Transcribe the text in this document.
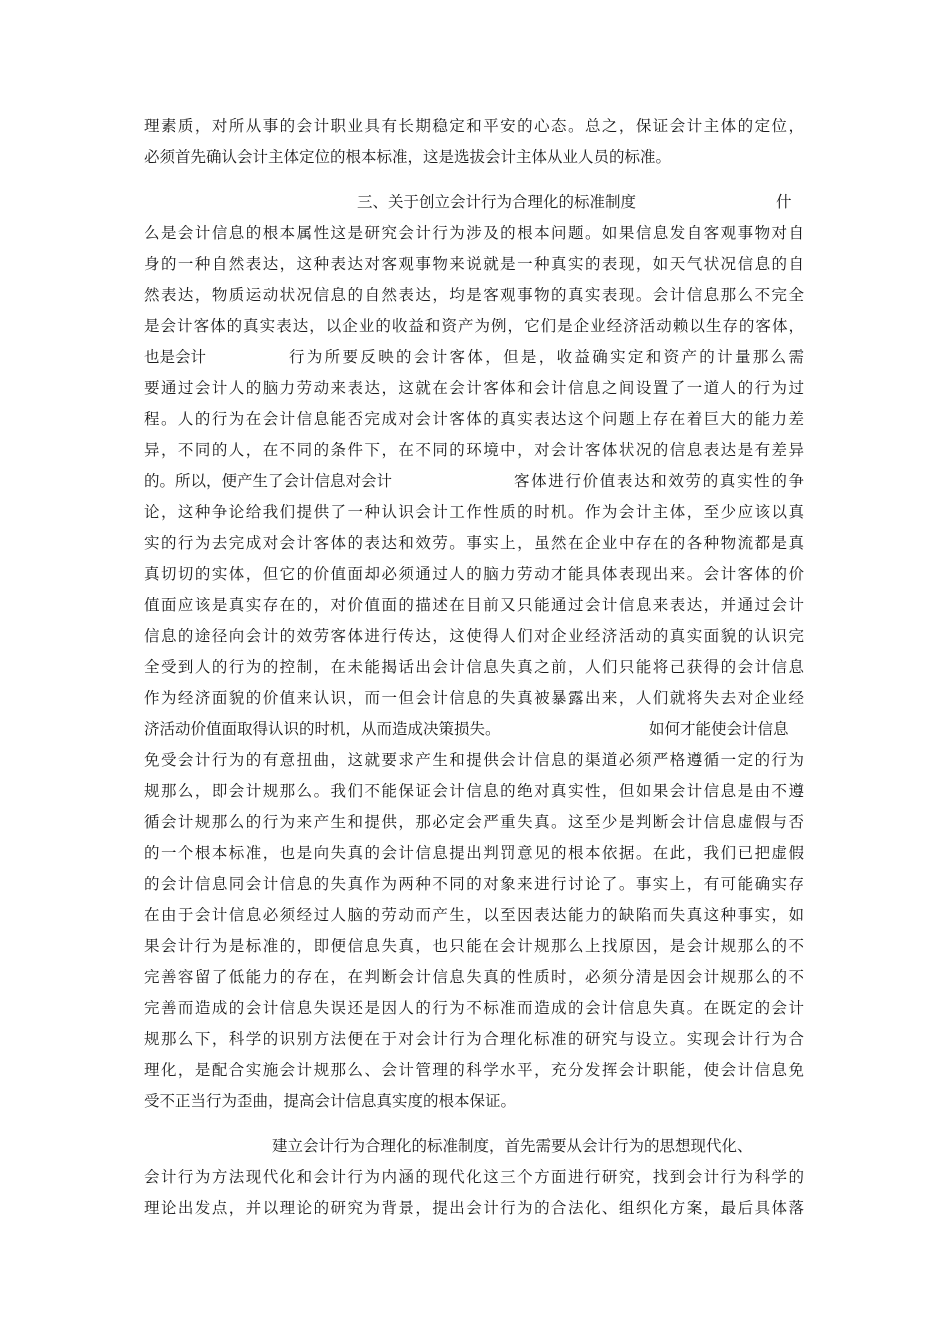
理素质，对所从事的会计职业具有长期稳定和平安的心态。总之，保证会计主体的定位，
必须首先确认会计主体定位的根本标准，这是选拔会计主体从业人员的标准。
三、关于创立会计行为合理化的标准制度	什
么是会计信息的根本属性这是研究会计行为涉及的根本问题。如果信息发自客观事物对自
身的一种自然表达，这种表达对客观事物来说就是一种真实的表现，如天气状况信息的自
然表达，物质运动状况信息的自然表达，均是客观事物的真实表现。会计信息那么不完全
是会计客体的真实表达，以企业的收益和资产为例，它们是企业经济活动赖以生存的客体，
也是会计	行为所要反映的会计客体，但是，收益确实定和资产的计量那么需
要通过会计人的脑力劳动来表达，这就在会计客体和会计信息之间设置了一道人的行为过
程。人的行为在会计信息能否完成对会计客体的真实表达这个问题上存在着巨大的能力差
异，不同的人，在不同的条件下，在不同的环境中，对会计客体状况的信息表达是有差异
的。所以，便产生了会计信息对会计	客体进行价值表达和效劳的真实性的争
论，这种争论给我们提供了一种认识会计工作性质的时机。作为会计主体，至少应该以真
实的行为去完成对会计客体的表达和效劳。事实上，虽然在企业中存在的各种物流都是真
真切切的实体，但它的价值面却必须通过人的脑力劳动才能具体表现出来。会计客体的价
值面应该是真实存在的，对价值面的描述在目前又只能通过会计信息来表达，并通过会计
信息的途径向会计的效劳客体进行传达，这使得人们对企业经济活动的真实面貌的认识完
全受到人的行为的控制，在未能揭话出会计信息失真之前，人们只能将己获得的会计信息
作为经济面貌的价值来认识，而一但会计信息的失真被暴露出来，人们就将失去对企业经
济活动价值面取得认识的时机，从而造成决策损失。	如何才能使会计信息
免受会计行为的有意扭曲，这就要求产生和提供会计信息的渠道必须严格遵循一定的行为
规那么，即会计规那么。我们不能保证会计信息的绝对真实性，但如果会计信息是由不遵
循会计规那么的行为来产生和提供，那必定会严重失真。这至少是判断会计信息虚假与否
的一个根本标准，也是向失真的会计信息提出判罚意见的根本依据。在此，我们已把虚假
的会计信息同会计信息的失真作为两种不同的对象来进行讨论了。事实上，有可能确实存
在由于会计信息必须经过人脑的劳动而产生，以至因表达能力的缺陷而失真这种事实，如
果会计行为是标准的，即便信息失真，也只能在会计规那么上找原因，是会计规那么的不
完善容留了低能力的存在，在判断会计信息失真的性质时，必须分清是因会计规那么的不
完善而造成的会计信息失误还是因人的行为不标准而造成的会计信息失真。在既定的会计
规那么下，科学的识别方法便在于对会计行为合理化标准的研究与设立。实现会计行为合
理化，是配合实施会计规那么、会计管理的科学水平，充分发挥会计职能，使会计信息免
受不正当行为歪曲，提高会计信息真实度的根本保证。
建立会计行为合理化的标准制度，首先需要从会计行为的思想现代化、
会计行为方法现代化和会计行为内涵的现代化这三个方面进行研究，找到会计行为科学的
理论出发点，并以理论的研究为背景，提出会计行为的合法化、组织化方案，最后具体落
